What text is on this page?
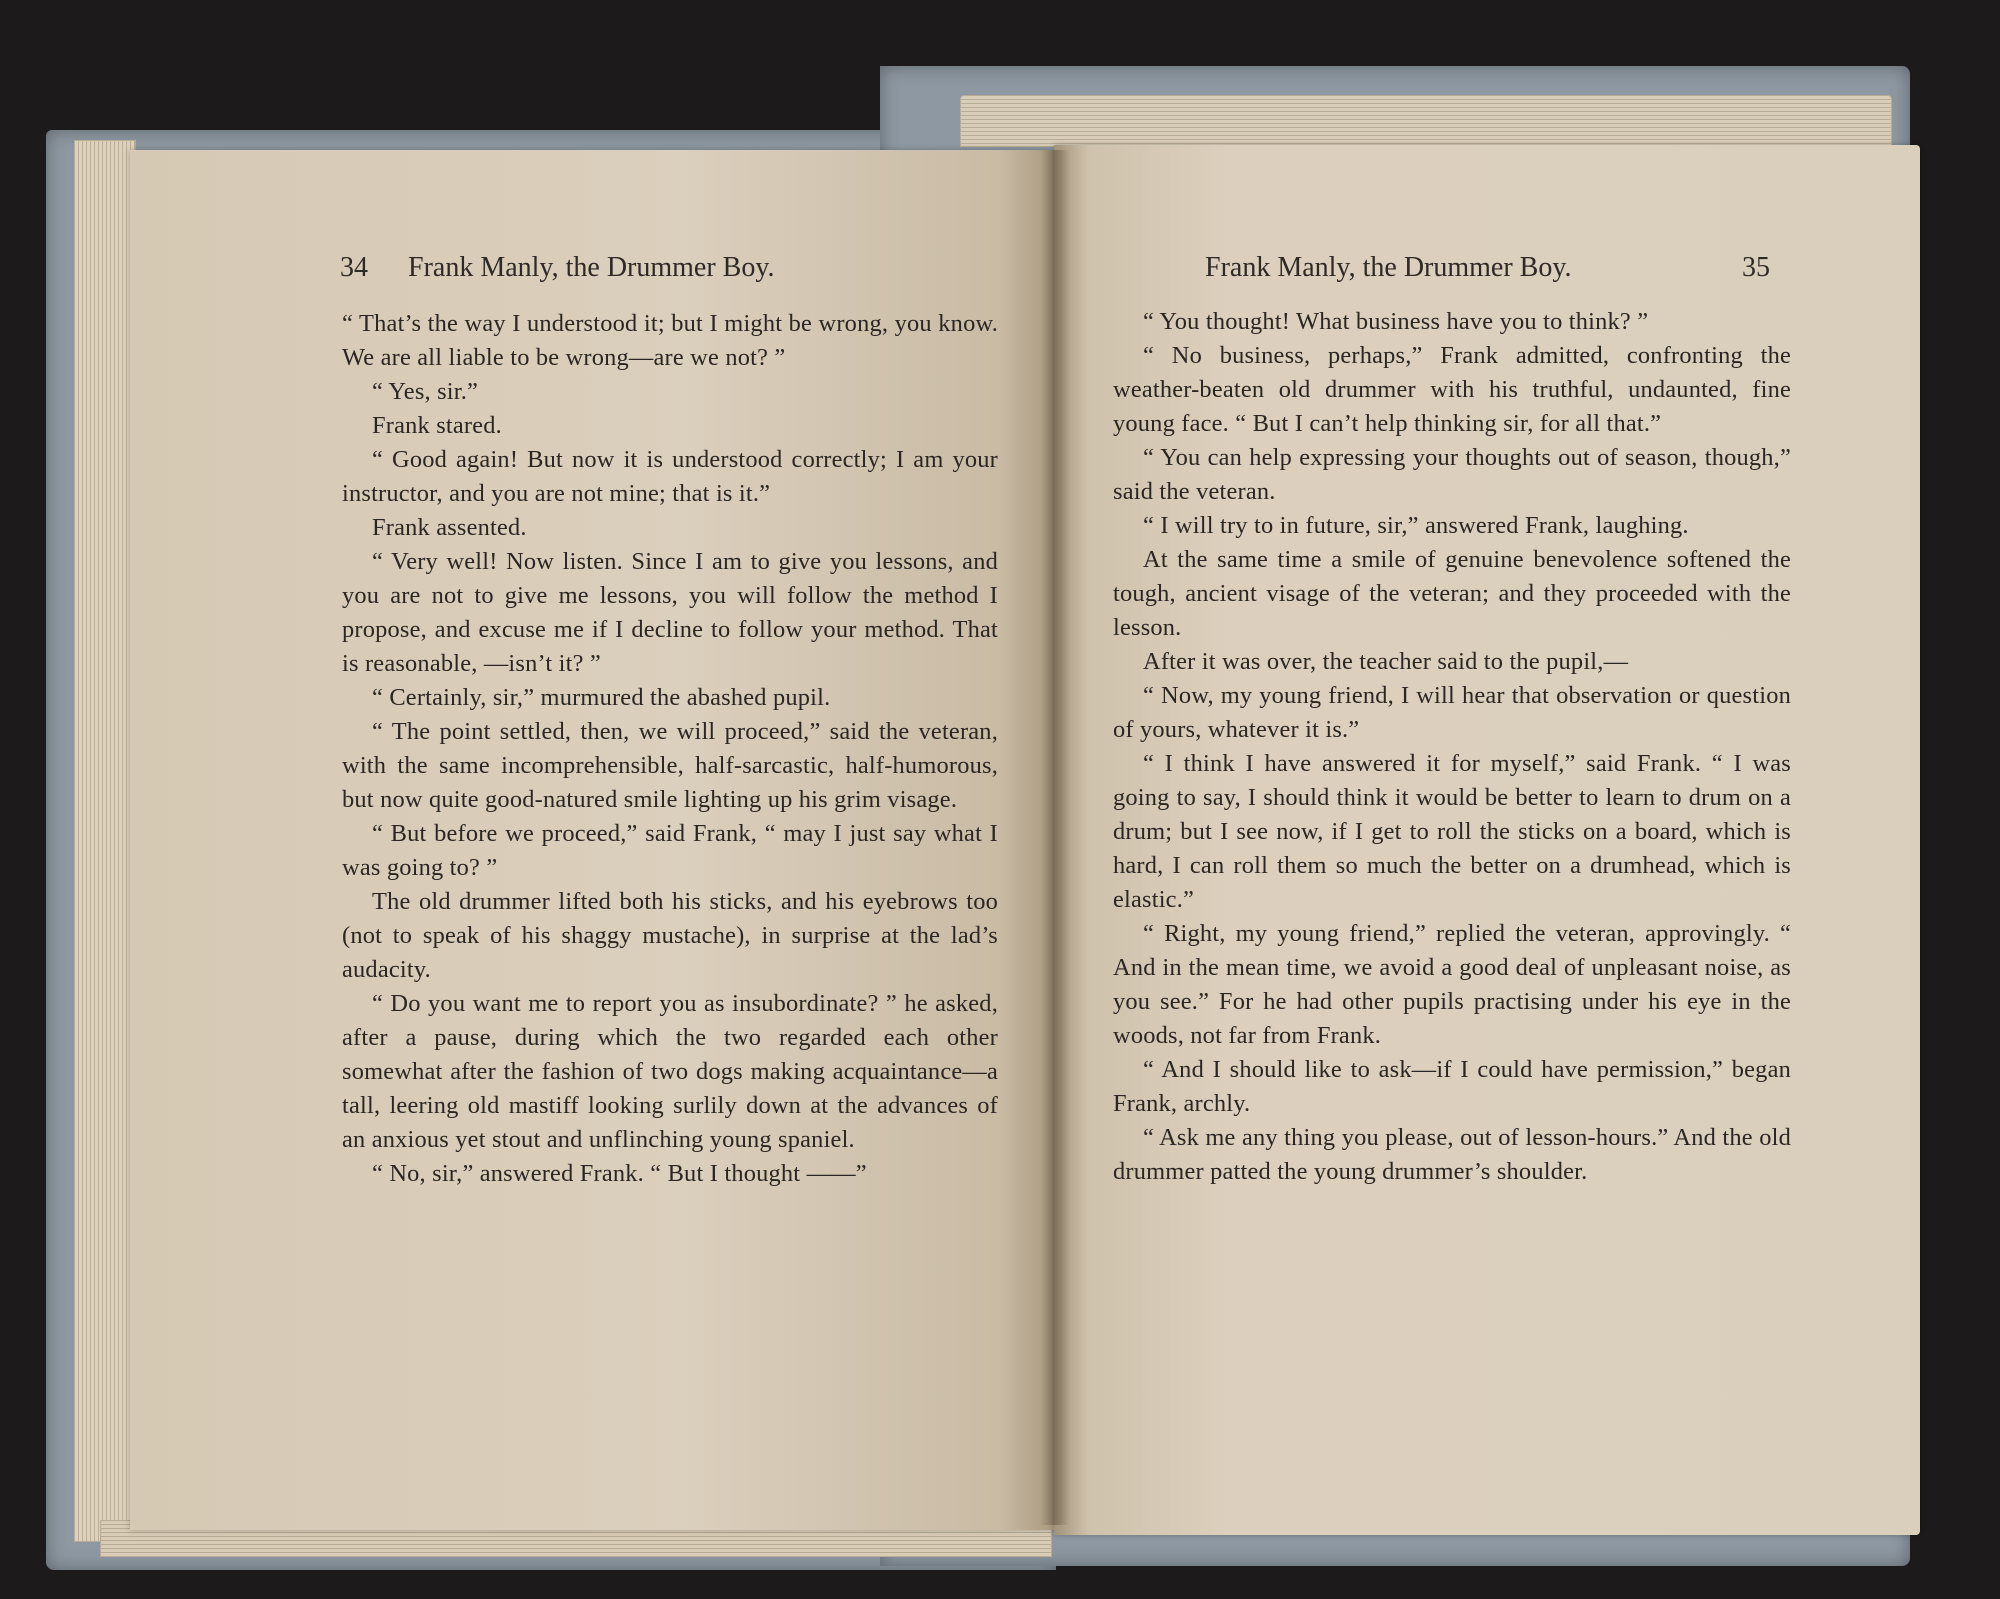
34 Frank Manly, the Drummer Boy.	Frank Manly, the Drummer Boy.	35

“ That’s the way I understood it; but I might be wrong, you know. We are all liable to be wrong—are we not? ”

“ Yes, sir.”

Frank stared.

“ Good again! But now it is understood correctly; I am your instructor, and you are not mine; that is it.”

Frank assented.

“ Very well! Now listen. Since I am to give you lessons, and you are not to give me lessons, you will follow the method I propose, and excuse me if I decline to follow your method. That is reasonable, —isn’t it? ”

“ Certainly, sir,” murmured the abashed pupil.

“ The point settled, then, we will proceed,” said the veteran, with the same incomprehensible, half-sarcastic, half-humorous, but now quite good-natured smile lighting up his grim visage.

“ But before we proceed,” said Frank, “ may I just say what I was going to? ”

The old drummer lifted both his sticks, and his eyebrows too (not to speak of his shaggy mustache), in surprise at the lad’s audacity.

“ Do you want me to report you as insubordinate? ” he asked, after a pause, during which the two regarded each other somewhat after the fashion of two dogs making acquaintance—a tall, leering old mastiff looking surlily down at the advances of an anxious yet stout and unflinching young spaniel.

“ No, sir,” answered Frank. “ But I thought ——”

“ You thought! What business have you to think? ”

“ No business, perhaps,” Frank admitted, confronting the weather-beaten old drummer with his truthful, undaunted, fine young face. “ But I can’t help thinking sir, for all that.”

“ You can help expressing your thoughts out of season, though,” said the veteran.

“ I will try to in future, sir,” answered Frank, laughing.

At the same time a smile of genuine benevolence softened the tough, ancient visage of the veteran; and they proceeded with the lesson.

After it was over, the teacher said to the pupil,—

“ Now, my young friend, I will hear that observation or question of yours, whatever it is.”

“ I think I have answered it for myself,” said Frank. “ I was going to say, I should think it would be better to learn to drum on a drum; but I see now, if I get to roll the sticks on a board, which is hard, I can roll them so much the better on a drumhead, which is elastic.”

“ Right, my young friend,” replied the veteran, approvingly. “ And in the mean time, we avoid a good deal of unpleasant noise, as you see.” For he had other pupils practising under his eye in the woods, not far from Frank.

“ And I should like to ask—if I could have permission,” began Frank, archly.

“ Ask me any thing you please, out of lesson-hours.” And the old drummer patted the young drummer’s shoulder.
